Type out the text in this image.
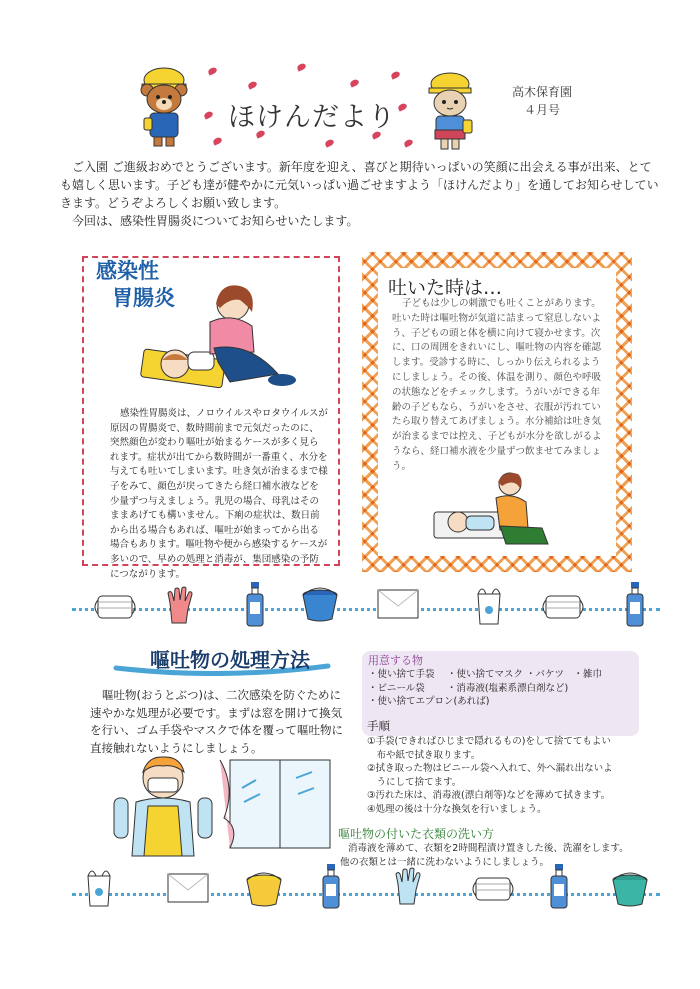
ほけんだより
高木保育園
４月号

ご入園 ご進級おめでとうございます。新年度を迎え、喜びと期待いっぱいの笑顔に出会える事が出来、とても嬉しく思います。子ども達が健やかに元気いっぱい過ごせますよう「ほけんだより」を通してお知らせしていきます。どうぞよろしくお願い致します。

今回は、感染性胃腸炎についてお知らせいたします。

感染性
胃腸炎

感染性胃腸炎は、ノロウイルスやロタウイルスが原因の胃腸炎で、数時間前まで元気だったのに、突然顔色が変わり嘔吐が始まるケースが多く見られます。症状が出てから数時間が一番重く、水分を与えても吐いてしまいます。吐き気が治まるまで様子をみて、顔色が戻ってきたら経口補水液などを少量ずつ与えましょう。乳児の場合、母乳はそのままあげても構いません。下痢の症状は、数日前から出る場合もあれば、嘔吐が始まってから出る場合もあります。嘔吐物や便から感染するケースが多いので、早めの処理と消毒が、集団感染の予防につながります。

吐いた時は…

子どもは少しの刺激でも吐くことがあります。吐いた時は嘔吐物が気道に詰まって窒息しないよう、子どもの頭と体を横に向けて寝かせます。次に、口の周囲をきれいにし、嘔吐物の内容を確認します。受診する時に、しっかり伝えられるようにしましょう。その後、体温を測り、顔色や呼吸の状態などをチェックします。うがいができる年齢の子どもなら、うがいをさせ、衣服が汚れていたら取り替えてあげましょう。水分補給は吐き気が治まるまでは控え、子どもが水分を欲しがるようなら、経口補水液を少量ずつ飲ませてみましょう。

嘔吐物の処理方法

嘔吐物(おうとぶつ)は、二次感染を防ぐために速やかな処理が必要です。まずは窓を開けて換気を行い、ゴム手袋やマスクで体を覆って嘔吐物に直接触れないようにしましょう。

用意する物
・使い捨て手袋　 ・使い捨てマスク ・バケツ　・雑巾
・ビニール袋　　 ・消毒液(塩素系漂白剤など)
・使い捨てエプロン(あれば)
手順
①手袋(できればひじまで隠れるもの)をして捨ててもよい
　布や紙で拭き取ります。
②拭き取った物はビニール袋へ入れて、外へ漏れ出ないよ
　うにして捨てます。
③汚れた床は、消毒液(漂白剤等)などを薄めて拭きます。
④処理の後は十分な換気を行いましょう。
嘔吐物の付いた衣類の洗い方
消毒液を薄めて、衣類を2時間程漬け置きした後、洗濯をします。
他の衣類とは一緒に洗わないようにしましょう。
